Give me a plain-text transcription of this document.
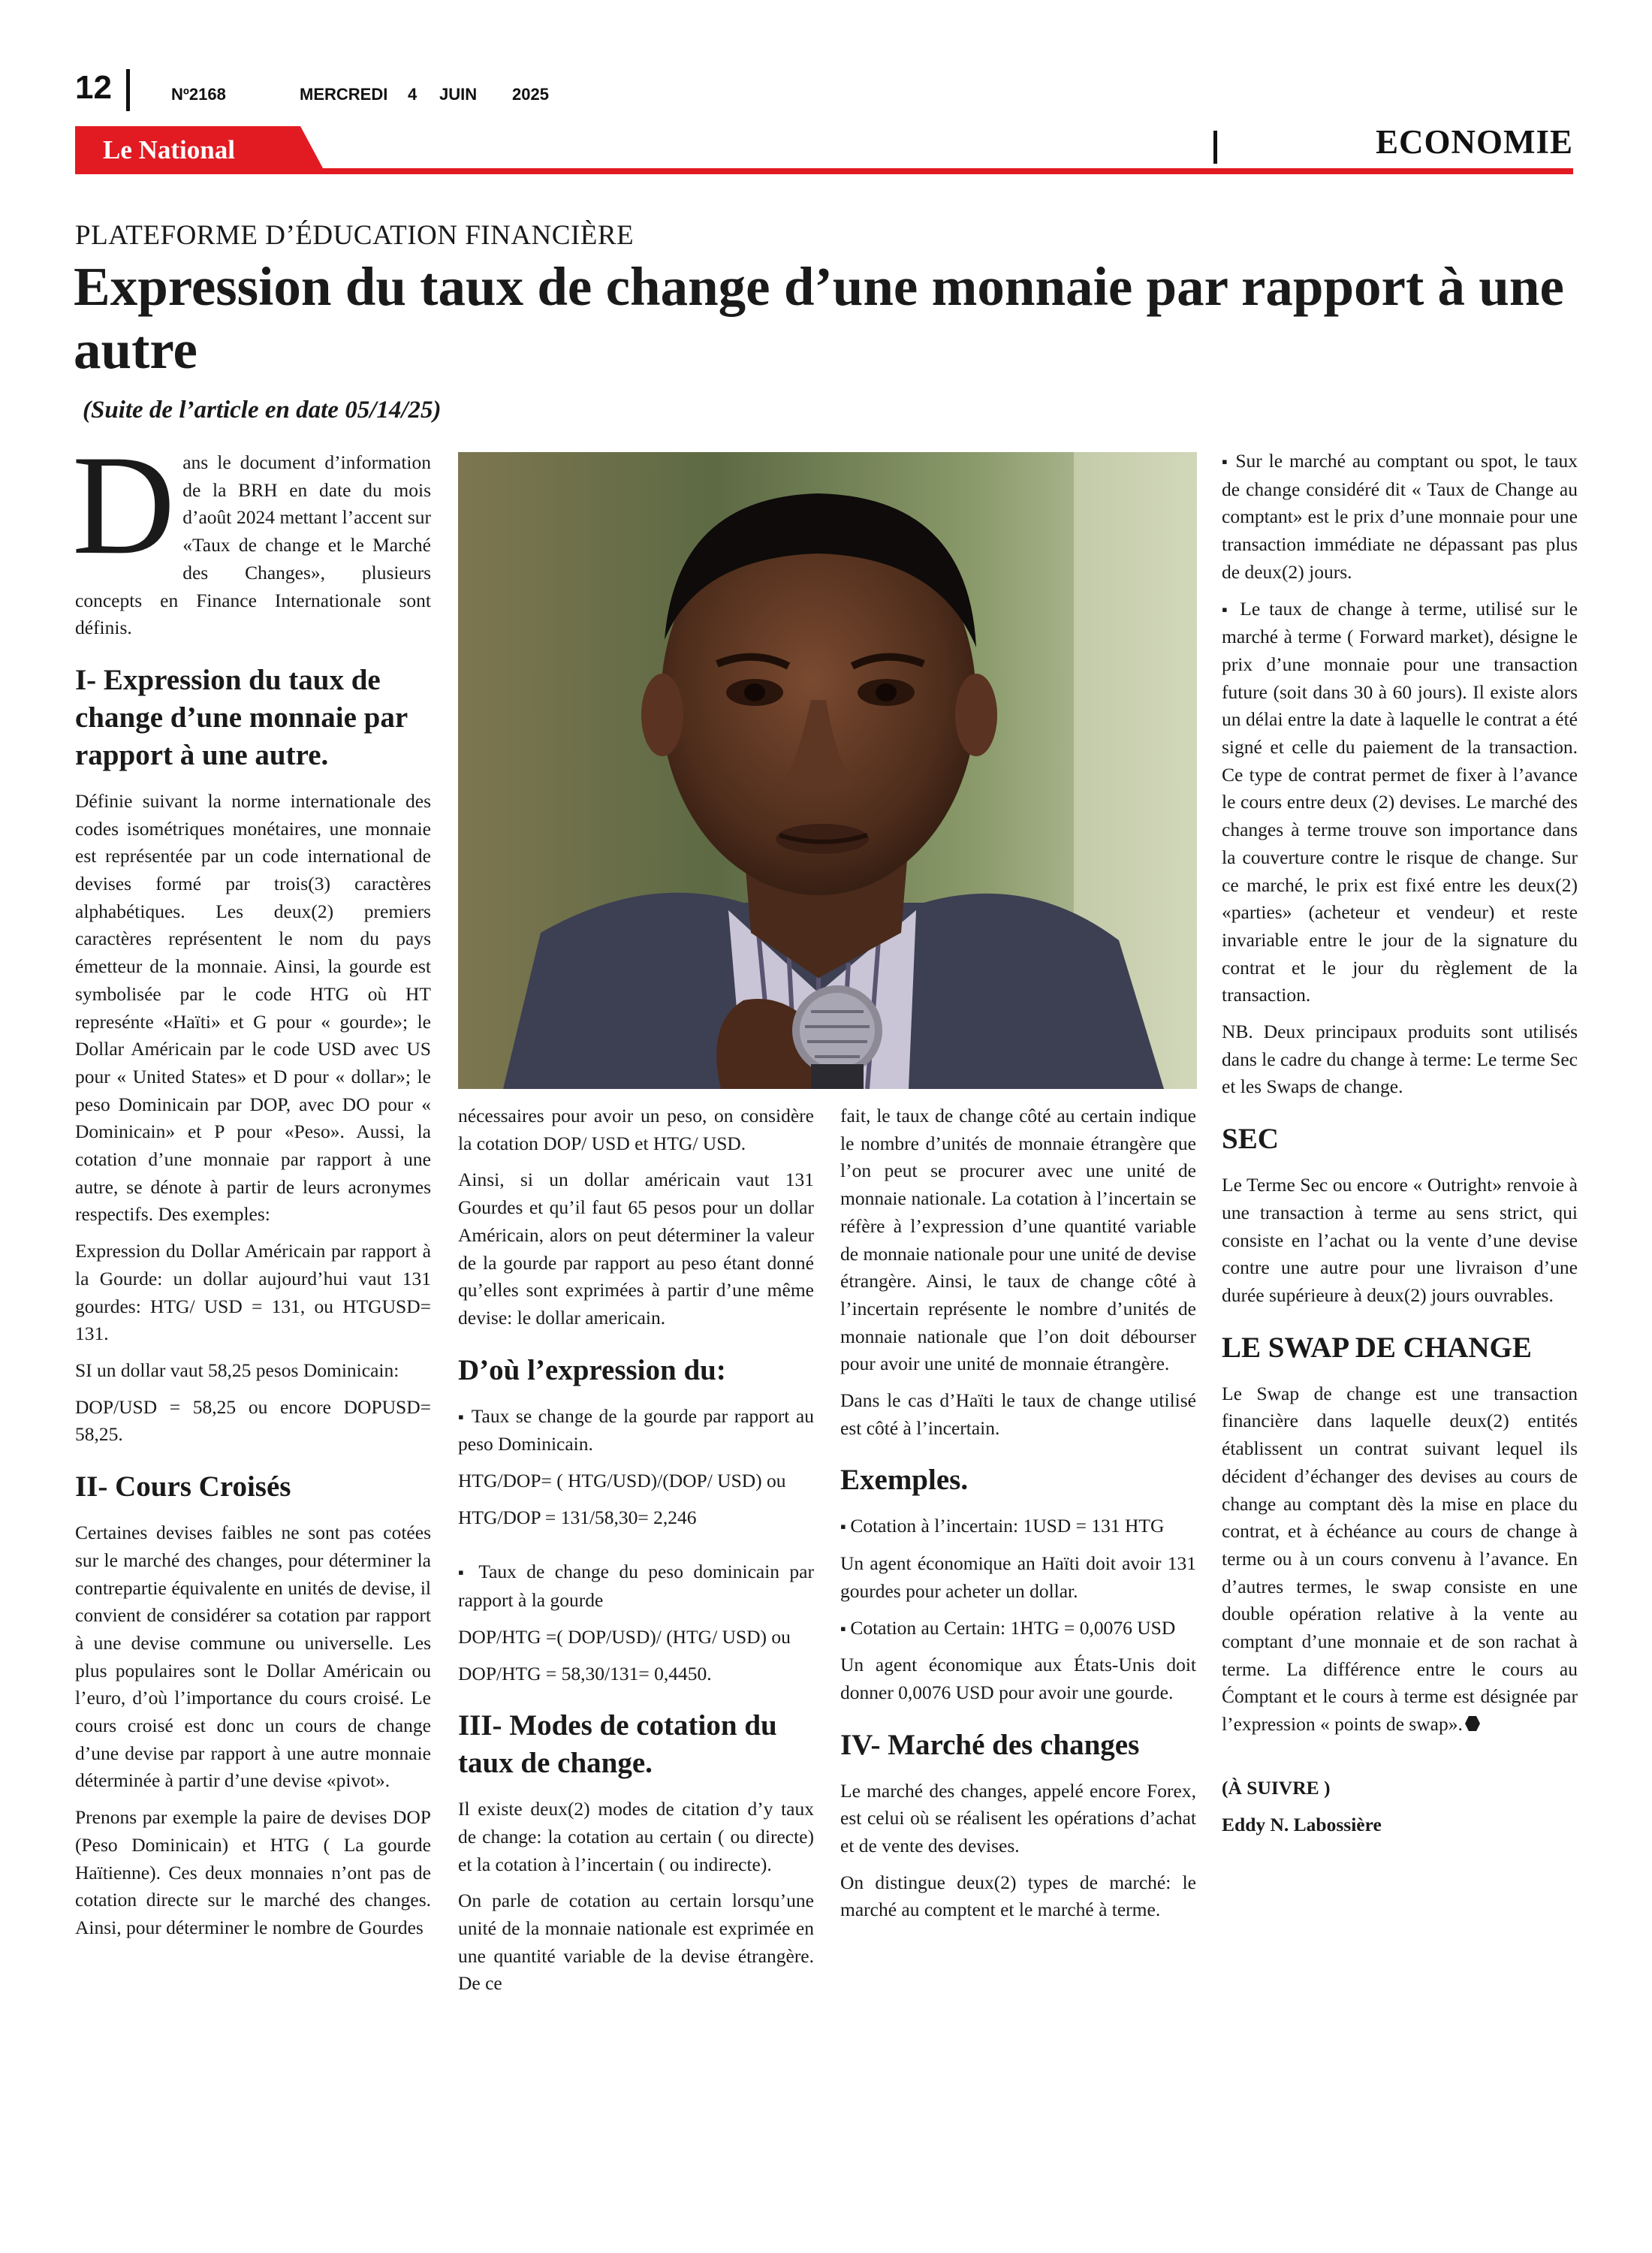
12	Nº2168	MERCREDI 4 JUIN 2025
Le National	ECONOMIE
PLATEFORME D’ÉDUCATION FINANCIÈRE
Expression du taux de change d’une monnaie par rapport à une autre
(Suite de l’article en date 05/14/25)

Dans le document d’information de la BRH en date du mois d’août 2024 mettant l’accent sur «Taux de change et le Marché des Changes», plusieurs concepts en Finance Internationale sont définis.

I- Expression du taux de change d’une monnaie par rapport à une autre.

Définie suivant la norme internationale des codes isométriques monétaires, une monnaie est représentée par un code international de devises formé par trois(3) caractères alphabétiques. Les deux(2) premiers caractères représentent le nom du pays émetteur de la monnaie. Ainsi, la gourde est symbolisée par le code HTG où HT represénte «Haïti» et G pour « gourde»; le Dollar Américain par le code USD avec US pour « United States» et D pour « dollar»; le peso Dominicain par DOP, avec DO pour « Dominicain» et P pour «Peso». Aussi, la cotation d’une monnaie par rapport à une autre, se dénote à partir de leurs acronymes respectifs. Des exemples:

Expression du Dollar Américain par rapport à la Gourde: un dollar aujourd’hui vaut 131 gourdes: HTG/ USD = 131, ou HTGUSD= 131.

SI un dollar vaut 58,25 pesos Dominicain:

DOP/USD = 58,25 ou encore DOPUSD= 58,25.

II- Cours Croisés

Certaines devises faibles ne sont pas cotées sur le marché des changes, pour déterminer la contrepartie équivalente en unités de devise, il convient de considérer sa cotation par rapport à une devise commune ou universelle. Les plus populaires sont le Dollar Américain ou l’euro, d’où l’importance du cours croisé. Le cours croisé est donc un cours de change d’une devise par rapport à une autre monnaie déterminée à partir d’une devise «pivot».

Prenons par exemple la paire de devises DOP (Peso Dominicain) et HTG ( La gourde Haïtienne). Ces deux monnaies n’ont pas de cotation directe sur le marché des changes. Ainsi, pour déterminer le nombre de Gourdes

nécessaires pour avoir un peso, on considère la cotation DOP/ USD et HTG/ USD.

Ainsi, si un dollar américain vaut 131 Gourdes et qu’il faut 65 pesos pour un dollar Américain, alors on peut déterminer la valeur de la gourde par rapport au peso étant donné qu’elles sont exprimées à partir d’une même devise: le dollar americain.

D’où l’expression du:

▪ Taux se change de la gourde par rapport au peso Dominicain.

HTG/DOP= ( HTG/USD)/(DOP/ USD) ou

HTG/DOP = 131/58,30= 2,246

▪ Taux de change du peso dominicain par rapport à la gourde

DOP/HTG =( DOP/USD)/ (HTG/ USD) ou

DOP/HTG = 58,30/131= 0,4450.

III- Modes de cotation du taux de change.

Il existe deux(2) modes de citation d’y taux de change: la cotation au certain ( ou directe) et la cotation à l’incertain ( ou indirecte).

On parle de cotation au certain lorsqu’une unité de la monnaie nationale est exprimée en une quantité variable de la devise étrangère. De ce

fait, le taux de change côté au certain indique le nombre d’unités de monnaie étrangère que l’on peut se procurer avec une unité de monnaie nationale. La cotation à l’incertain se réfère à l’expression d’une quantité variable de monnaie nationale pour une unité de devise étrangère. Ainsi, le taux de change côté à l’incertain représente le nombre d’unités de monnaie nationale que l’on doit débourser pour avoir une unité de monnaie étrangère.

Dans le cas d’Haïti le taux de change utilisé est côté à l’incertain.

Exemples.

▪ Cotation à l’incertain: 1USD = 131 HTG

Un agent économique an Haïti doit avoir 131 gourdes pour acheter un dollar.

▪ Cotation au Certain: 1HTG = 0,0076 USD

Un agent économique aux États-Unis doit donner 0,0076 USD pour avoir une gourde.

IV- Marché des changes

Le marché des changes, appelé encore Forex, est celui où se réalisent les opérations d’achat et de vente des devises.

On distingue deux(2) types de marché: le marché au comptent et le marché à terme.

▪ Sur le marché au comptant ou spot, le taux de change considéré dit « Taux de Change au comptant» est le prix d’une monnaie pour une transaction immédiate ne dépassant pas plus de deux(2) jours.

▪ Le taux de change à terme, utilisé sur le marché à terme ( Forward market), désigne le prix d’une monnaie pour une transaction future (soit dans 30 à 60 jours). Il existe alors un délai entre la date à laquelle le contrat a été signé et celle du paiement de la transaction. Ce type de contrat permet de fixer à l’avance le cours entre deux (2) devises. Le marché des changes à terme trouve son importance dans la couverture contre le risque de change. Sur ce marché, le prix est fixé entre les deux(2) «parties» (acheteur et vendeur) et reste invariable entre le jour de la signature du contrat et le jour du règlement de la transaction.

NB. Deux principaux produits sont utilisés dans le cadre du change à terme: Le terme Sec et les Swaps de change.

SEC

Le Terme Sec ou encore « Outright» renvoie à une transaction à terme au sens strict, qui consiste en l’achat ou la vente d’une devise contre une autre pour une livraison d’une durée supérieure à deux(2) jours ouvrables.

LE SWAP DE CHANGE

Le Swap de change est une transaction financière dans laquelle deux(2) entités établissent un contrat suivant lequel ils décident d’échanger des devises au cours de change au comptant dès la mise en place du contrat, et à échéance au cours de change à terme ou à un cours convenu à l’avance. En d’autres termes, le swap consiste en une double opération relative à la vente au comptant d’une monnaie et de son rachat à terme. La différence entre le cours au Ćomptant et le cours à terme est désignée par l’expression « points de swap».

(À SUIVRE )

Eddy N. Labossière
